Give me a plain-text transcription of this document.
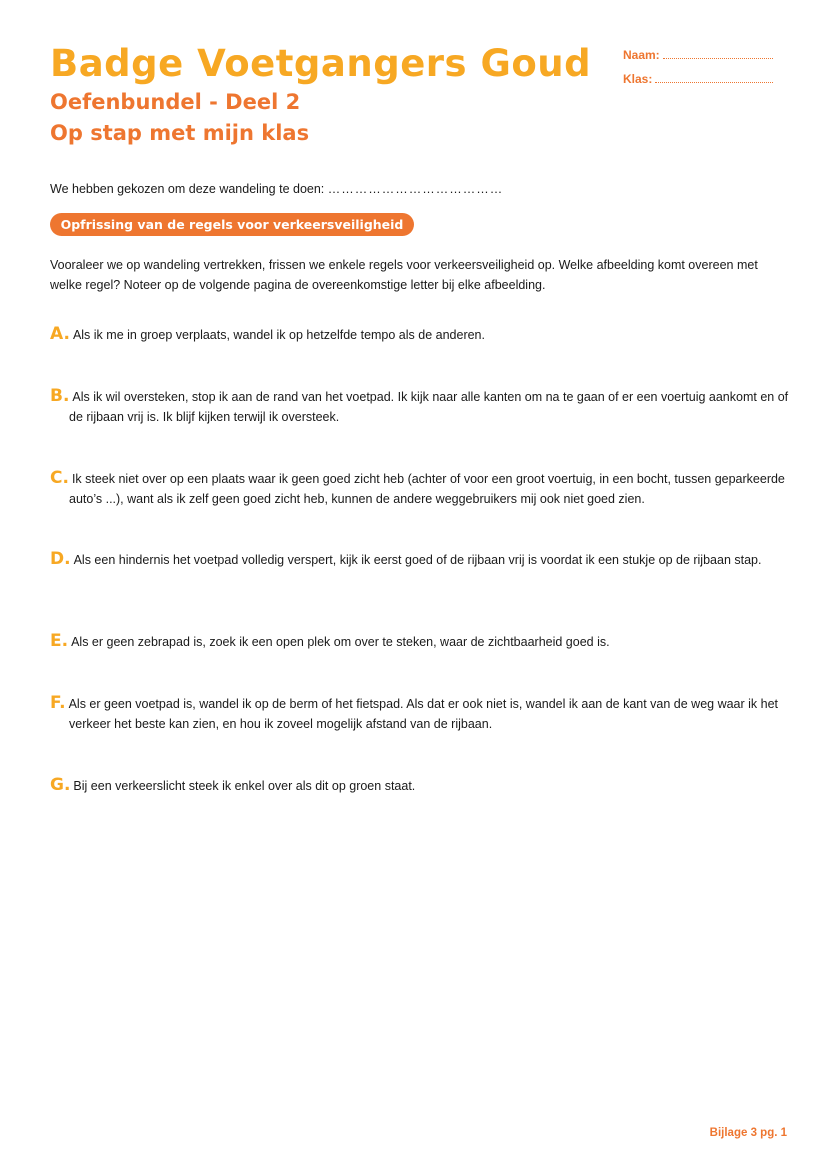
Badge Voetgangers Goud
Oefenbundel - Deel 2
Op stap met mijn klas
Naam:
Klas:
We hebben gekozen om deze wandeling te doen: …………………………………
Opfrissing van de regels voor verkeersveiligheid

Vooraleer we op wandeling vertrekken, frissen we enkele regels voor verkeersveiligheid op. Welke afbeelding komt overeen met welke regel? Noteer op de volgende pagina de overeenkomstige letter bij elke afbeelding.

A. Als ik me in groep verplaats, wandel ik op hetzelfde tempo als de anderen.
B. Als ik wil oversteken, stop ik aan de rand van het voetpad. Ik kijk naar alle kanten om na te gaan of er een voertuig aankomt en of de rijbaan vrij is. Ik blijf kijken terwijl ik oversteek.
C. Ik steek niet over op een plaats waar ik geen goed zicht heb (achter of voor een groot voertuig, in een bocht, tussen geparkeerde auto’s ...), want als ik zelf geen goed zicht heb, kunnen de andere weggebruikers mij ook niet goed zien.
D. Als een hindernis het voetpad volledig verspert, kijk ik eerst goed of de rijbaan vrij is voordat ik een stukje op de rijbaan stap.
E. Als er geen zebrapad is, zoek ik een open plek om over te steken, waar de zichtbaarheid goed is.
F. Als er geen voetpad is, wandel ik op de berm of het fietspad. Als dat er ook niet is, wandel ik aan de kant van de weg waar ik het verkeer het beste kan zien, en hou ik zoveel mogelijk afstand van de rijbaan.
G. Bij een verkeerslicht steek ik enkel over als dit op groen staat.
Bijlage 3 pg. 1
